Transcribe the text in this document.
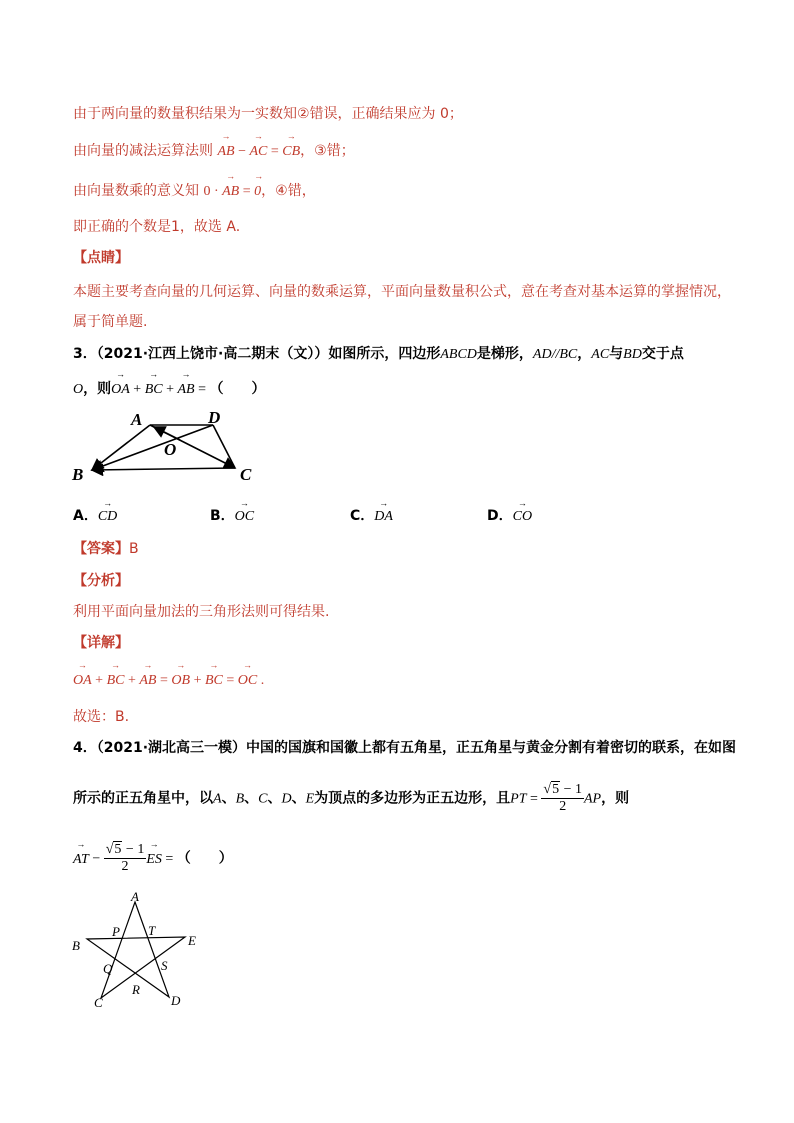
由于两向量的数量积结果为一实数知②错误，正确结果应为 0；
由向量的减法运算法则 → AB − → AC = → CB，③错；
由向量数乘的意义知 0 · → AB = → 0，④错，
即正确的个数是1，故选 A.
【点睛】
本题主要考查向量的几何运算、向量的数乘运算，平面向量数量积公式，意在考查对基本运算的掌握情况，
属于简单题.
3．（2021·江西上饶市·高二期末（文））如图所示，四边形ABCD是梯形，AD//BC，AC与BD交于点
O，则→ OA + → BC + → AB = （　　）
A	D
O
B	C
A．→ CD	B．→ OC	C．→ DA	D．→ CO
【答案】B
【分析】
利用平面向量加法的三角形法则可得结果.
【详解】
→ OA + → BC + → AB = → OB + → BC = → OC .
故选：B.
4．（2021·湖北高三一模）中国的国旗和国徽上都有五角星，正五角星与黄金分割有着密切的联系，在如图
所示的正五角星中，以A、B、C、D、E为顶点的多边形为正五边形，且PT = $\frac{√5 - 1}{2}$ AP，则
→ AT − $\frac{√5 - 1}{2}$
→ ES = （　　）
A
B	E
C	D
P T
Q	S
R
